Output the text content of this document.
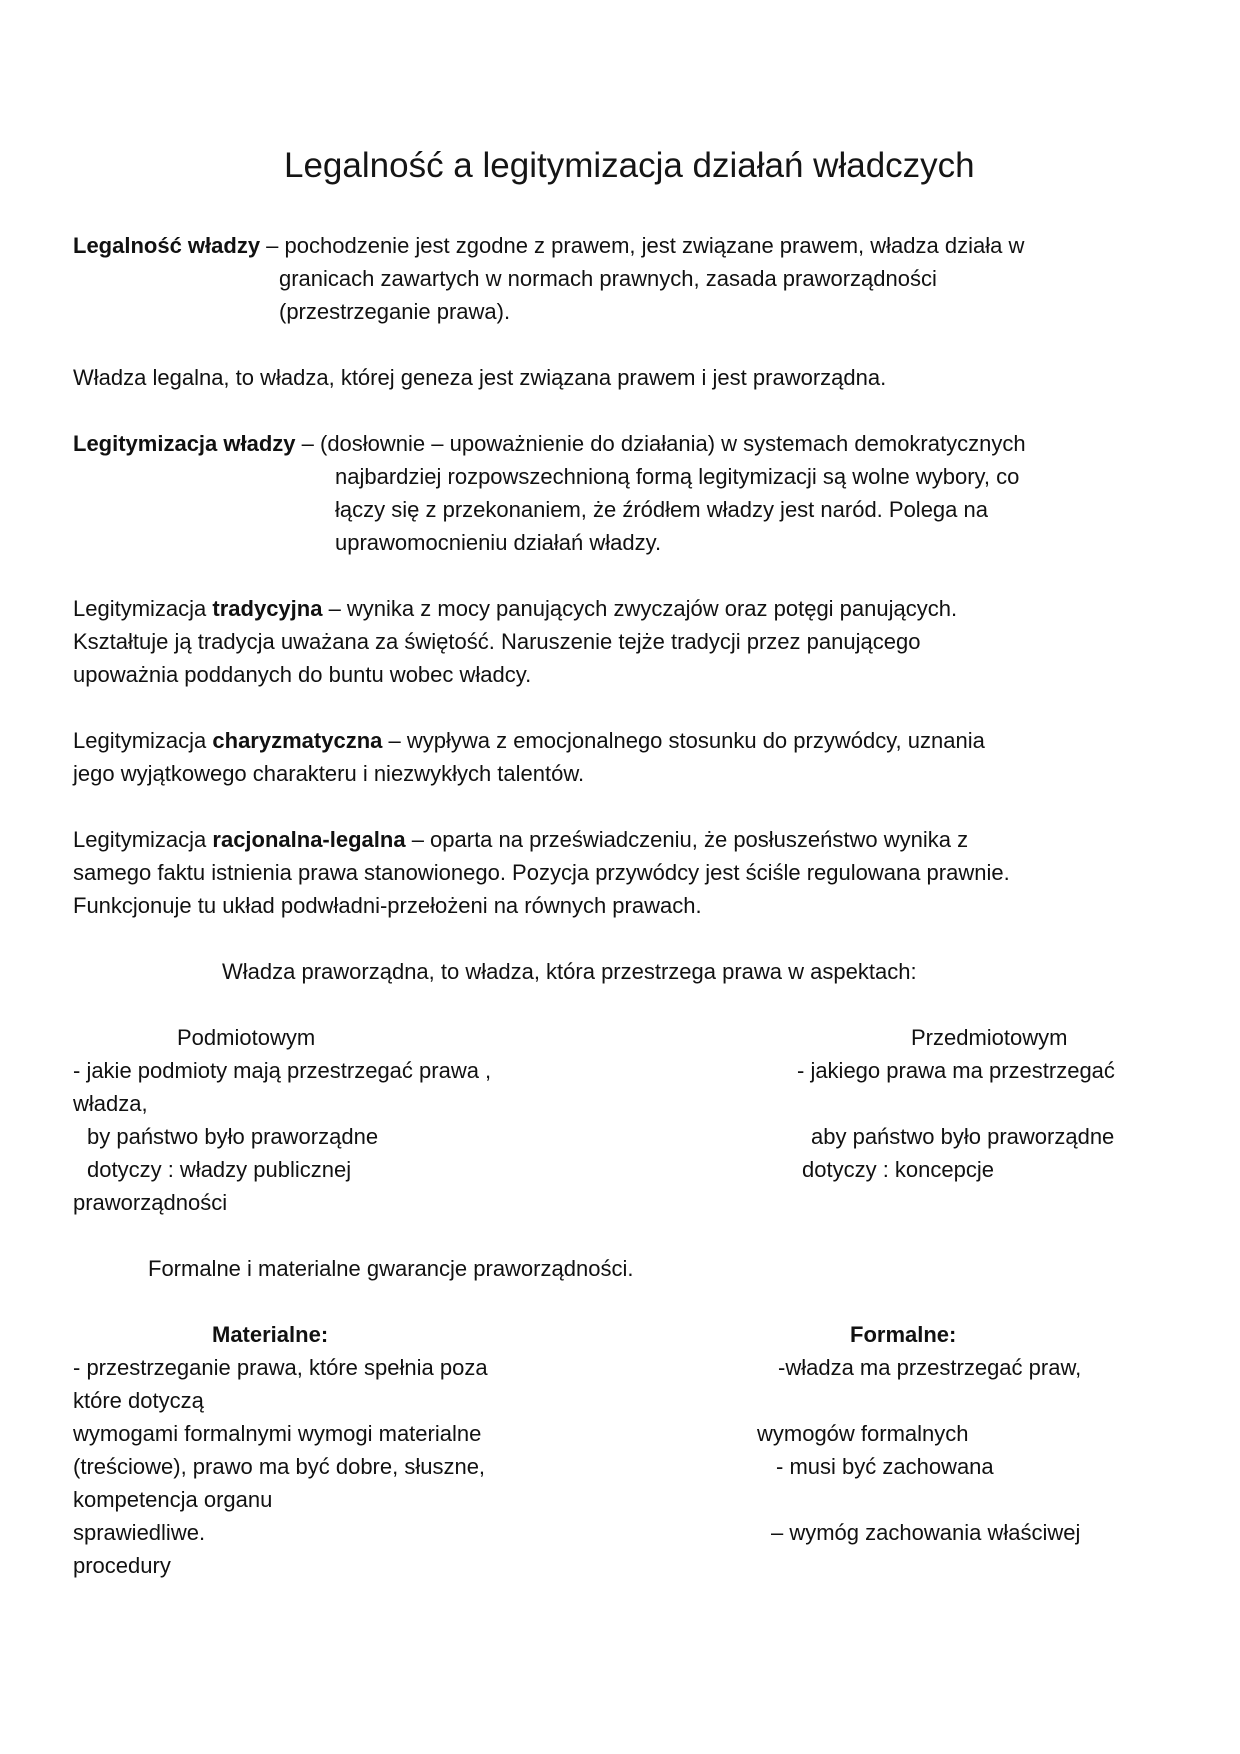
Legalność a legitymizacja działań władczych
Legalność władzy – pochodzenie jest zgodne z prawem, jest związane prawem, władza działa w
granicach zawartych w normach prawnych, zasada praworządności
(przestrzeganie prawa).
Władza legalna, to władza, której geneza jest związana prawem i jest praworządna.
Legitymizacja władzy – (dosłownie – upoważnienie do działania) w systemach demokratycznych
najbardziej rozpowszechnioną formą legitymizacji są wolne wybory, co
łączy się z przekonaniem, że źródłem władzy jest naród. Polega na
uprawomocnieniu działań władzy.
Legitymizacja tradycyjna – wynika z mocy panujących zwyczajów oraz potęgi panujących.
Kształtuje ją tradycja uważana za świętość. Naruszenie tejże tradycji przez panującego
upoważnia poddanych do buntu wobec władcy.
Legitymizacja charyzmatyczna – wypływa z emocjonalnego stosunku do przywódcy, uznania
jego wyjątkowego charakteru i niezwykłych talentów.
Legitymizacja racjonalna-legalna – oparta na przeświadczeniu, że posłuszeństwo wynika z
samego faktu istnienia prawa stanowionego. Pozycja przywódcy jest ściśle regulowana prawnie.
Funkcjonuje tu układ podwładni-przełożeni na równych prawach.
Władza praworządna, to władza, która przestrzega prawa w aspektach:
Podmiotowym
- jakie podmioty mają przestrzegać prawa ,
władza,
by państwo było praworządne
dotyczy : władzy publicznej
praworządności
Przedmiotowym
- jakiego prawa ma przestrzegać
aby państwo było praworządne
dotyczy : koncepcje
Formalne i materialne gwarancje praworządności.
Materialne:
- przestrzeganie prawa, które spełnia poza
które dotyczą
wymogami formalnymi wymogi materialne
(treściowe), prawo ma być dobre, słuszne,
kompetencja organu
sprawiedliwe.
procedury
Formalne:
-władza ma przestrzegać praw,
wymogów formalnych
- musi być zachowana
– wymóg zachowania właściwej
